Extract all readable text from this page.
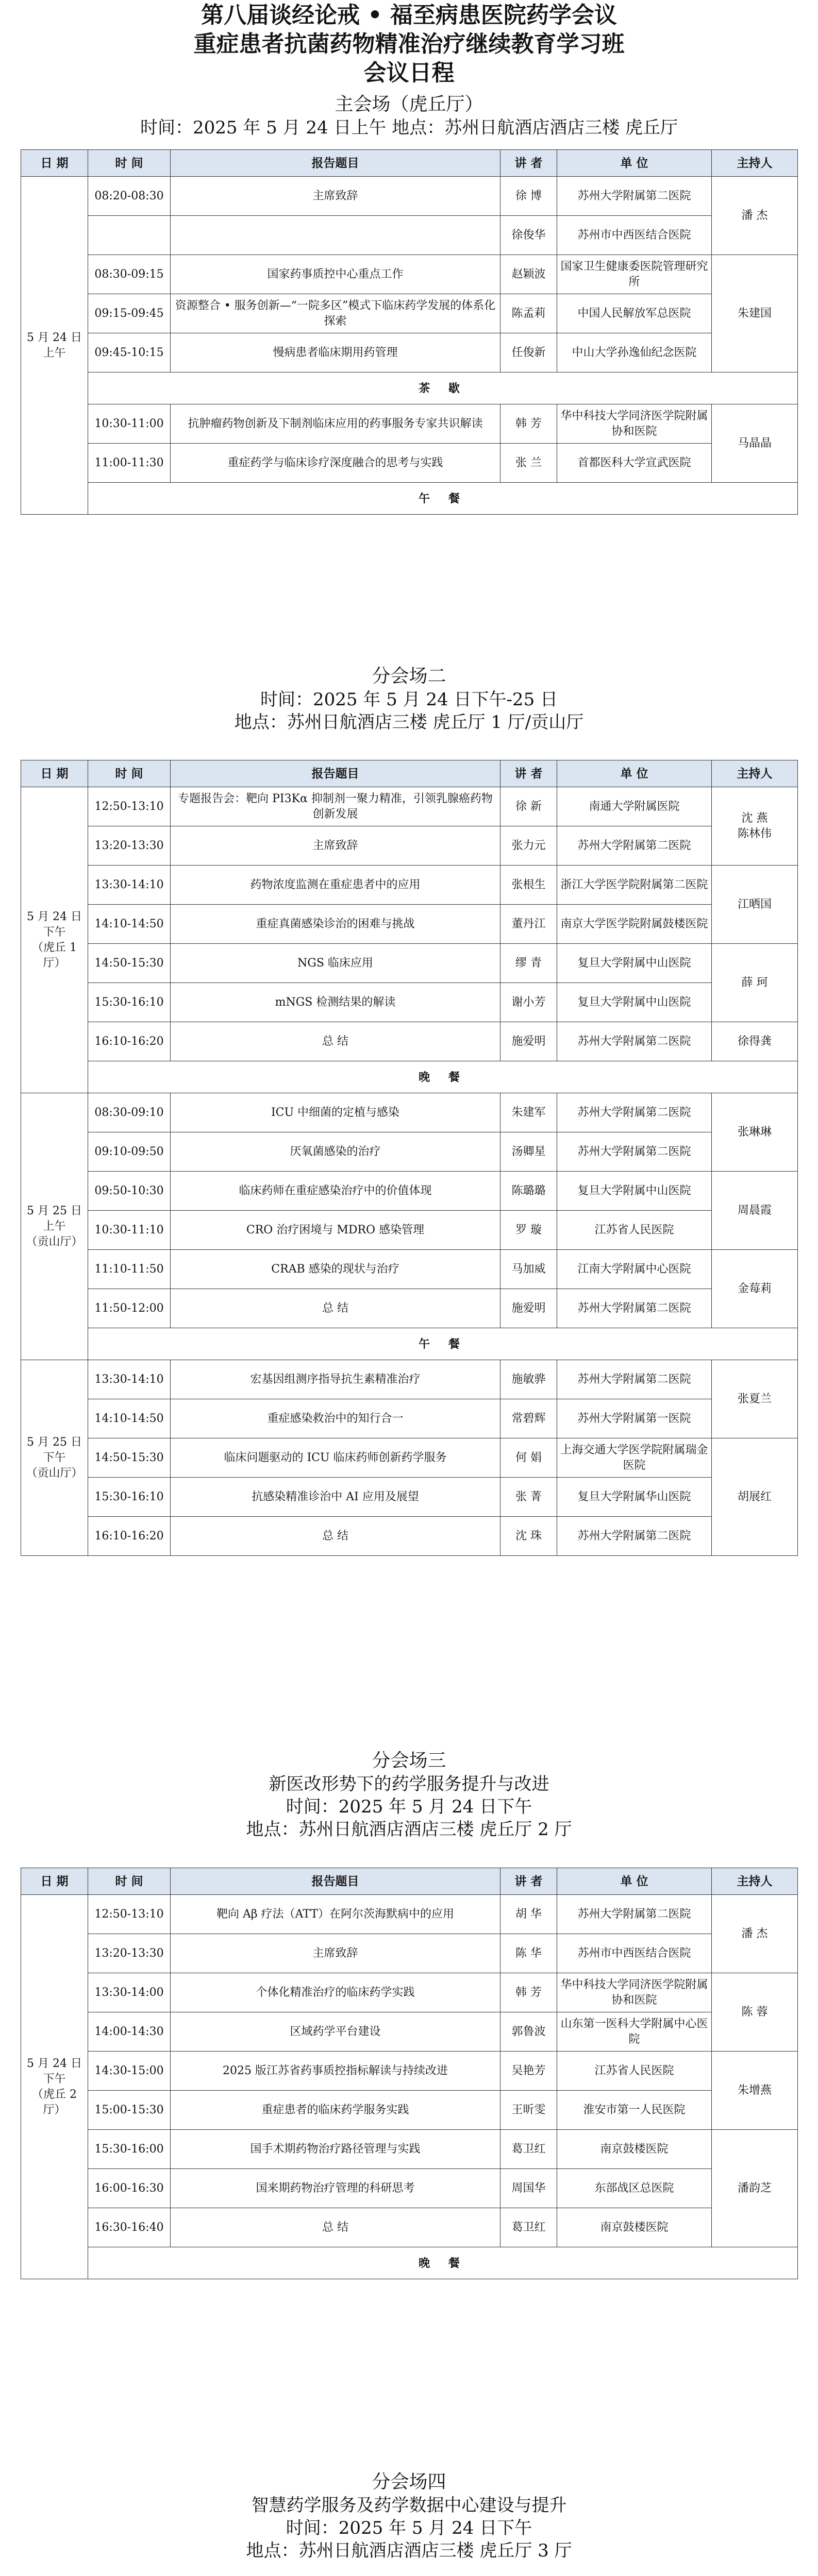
第八届谈经论戒 • 福至病患医院药学会议
重症患者抗菌药物精准治疗继续教育学习班
会议日程
主会场（虎丘厅）
时间：2025 年 5 月 24 日上午 地点：苏州日航酒店酒店三楼 虎丘厅
日 期	时 间	报告题目	讲 者	单 位	主持人
5 月 24 日
上午	08:20-08:30	主席致辞	徐 博	苏州大学附属第二医院	潘 杰
			徐俊华	苏州市中西医结合医院	
	08:30-09:15	国家药事质控中心重点工作	赵颖波	国家卫生健康委医院管理研究所	朱建国
	09:15-09:45	资源整合 • 服务创新—“一院多区”模式下临床药学发展的体系化探索	陈孟莉	中国人民解放军总医院	
	09:45-10:15	慢病患者临床期用药管理	任俊新	中山大学孙逸仙纪念医院	
	茶 歇				
	10:30-11:00	抗肿瘤药物创新及下制剂临床应用的药事服务专家共识解读	韩 芳	华中科技大学同济医学院附属协和医院	马晶晶
	11:00-11:30	重症药学与临床诊疗深度融合的思考与实践	张 兰	首都医科大学宣武医院	
	午 餐				
分会场二
时间：2025 年 5 月 24 日下午-25 日
地点：苏州日航酒店三楼 虎丘厅 1 厅/贡山厅
日 期	时 间	报告题目	讲 者	单 位	主持人
5 月 24 日
下午
（虎丘 1 厅）	12:50-13:10	专题报告会：靶向 PI3Kα 抑制剂一聚力精准，引领乳腺癌药物创新发展	徐 新	南通大学附属医院	沈 燕
陈林伟
	13:20-13:30	主席致辞	张力元	苏州大学附属第二医院	
	13:30-14:10	药物浓度监测在重症患者中的应用	张根生	浙江大学医学院附属第二医院	江晒国
	14:10-14:50	重症真菌感染诊治的困难与挑战	董丹江	南京大学医学院附属鼓楼医院	
	14:50-15:30	NGS 临床应用	缪 青	复旦大学附属中山医院	薛 珂
	15:30-16:10	mNGS 检测结果的解读	谢小芳	复旦大学附属中山医院	
	16:10-16:20	总 结	施爱明	苏州大学附属第二医院	徐得龚
	晚 餐				
5 月 25 日
上午
（贡山厅）	08:30-09:10	ICU 中细菌的定植与感染	朱建军	苏州大学附属第二医院	张琳琳
	09:10-09:50	厌氧菌感染的治疗	汤卿星	苏州大学附属第二医院	
	09:50-10:30	临床药师在重症感染治疗中的价值体现	陈璐璐	复旦大学附属中山医院	周晨霞
	10:30-11:10	CRO 治疗困境与 MDRO 感染管理	罗 璇	江苏省人民医院	
	11:10-11:50	CRAB 感染的现状与治疗	马加威	江南大学附属中心医院	金莓莉
	11:50-12:00	总 结	施爱明	苏州大学附属第二医院	
	午 餐				
5 月 25 日
下午
（贡山厅）	13:30-14:10	宏基因组测序指导抗生素精准治疗	施敏骅	苏州大学附属第二医院	张夏兰
	14:10-14:50	重症感染救治中的知行合一	常碧辉	苏州大学附属第一医院	
	14:50-15:30	临床问题驱动的 ICU 临床药师创新药学服务	何 娟	上海交通大学医学院附属瑞金医院	胡展红
	15:30-16:10	抗感染精准诊治中 AI 应用及展望	张 菁	复旦大学附属华山医院	
	16:10-16:20	总 结	沈 珠	苏州大学附属第二医院	
分会场三
新医改形势下的药学服务提升与改进
时间：2025 年 5 月 24 日下午
地点：苏州日航酒店酒店三楼 虎丘厅 2 厅
日 期	时 间	报告题目	讲 者	单 位	主持人
5 月 24 日
下午
（虎丘 2
厅）	12:50-13:10	靶向 Aβ 疗法（ATT）在阿尔茨海默病中的应用	胡 华	苏州大学附属第二医院	潘 杰
	13:20-13:30	主席致辞	陈 华	苏州市中西医结合医院	
	13:30-14:00	个体化精准治疗的临床药学实践	韩 芳	华中科技大学同济医学院附属协和医院	陈 蓉
	14:00-14:30	区域药学平台建设	郭鲁波	山东第一医科大学附属中心医院	
	14:30-15:00	2025 版江苏省药事质控指标解读与持续改进	吴艳芳	江苏省人民医院	朱增燕
	15:00-15:30	重症患者的临床药学服务实践	王昕雯	淮安市第一人民医院	
	15:30-16:00	国手术期药物治疗路径管理与实践	葛卫红	南京鼓楼医院	潘韵芝
	16:00-16:30	国来期药物治疗管理的科研思考	周国华	东部战区总医院	
	16:30-16:40	总 结	葛卫红	南京鼓楼医院	
	晚 餐				
分会场四
智慧药学服务及药学数据中心建设与提升
时间：2025 年 5 月 24 日下午
地点：苏州日航酒店酒店三楼 虎丘厅 3 厅
